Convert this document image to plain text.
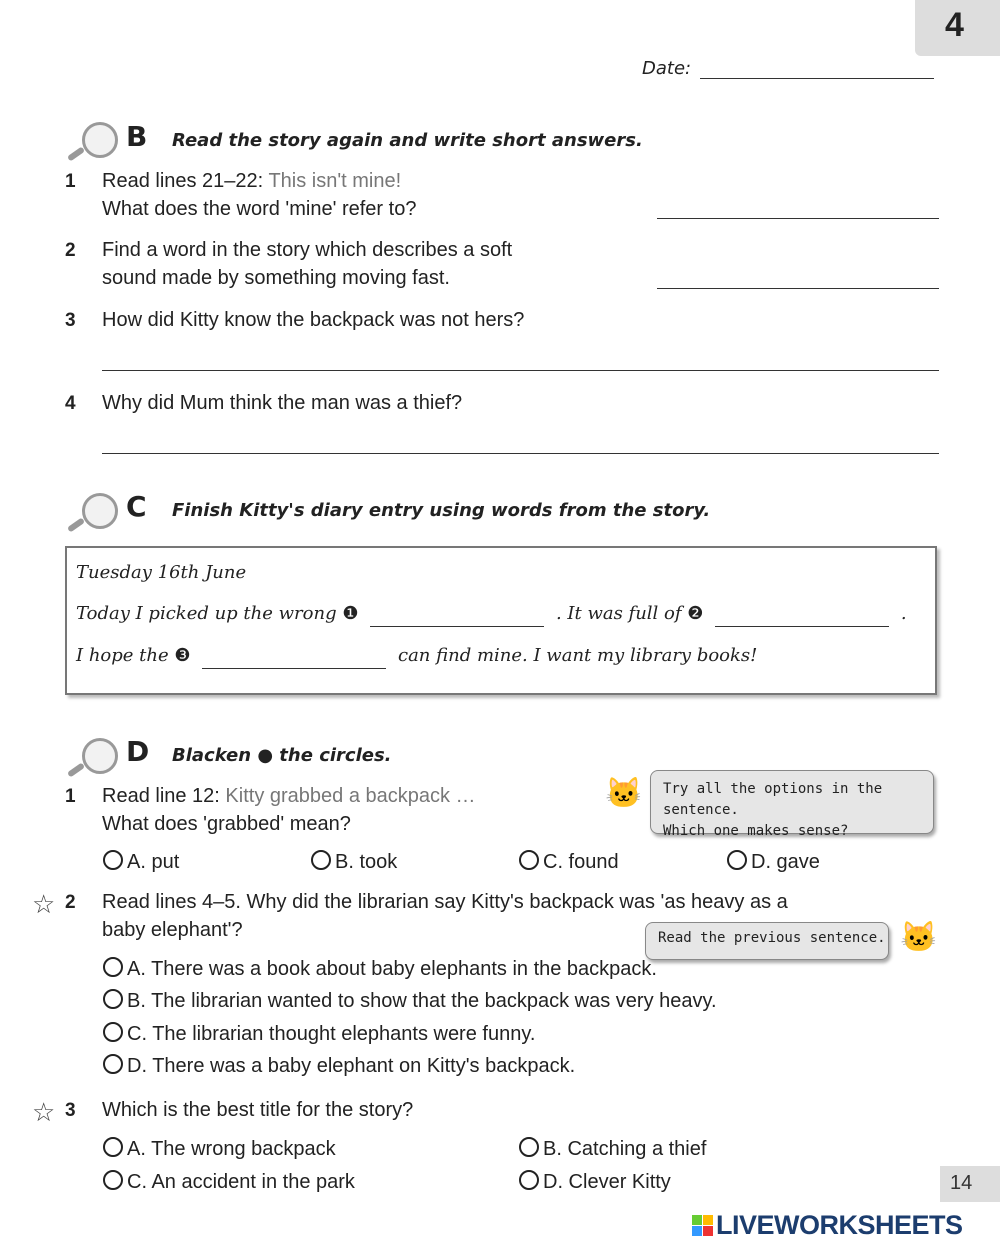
4
Date:
B Read the story again and write short answers.
1 Read lines 21–22: This isn't mine!
What does the word 'mine' refer to?
2 Find a word in the story which describes a soft
sound made by something moving fast.
3 How did Kitty know the backpack was not hers?
4 Why did Mum think the man was a thief?
C Finish Kitty's diary entry using words from the story.
Tuesday 16th June
Today I picked up the wrong ❶	. It was full of ❷	.
I hope the ❸	can find mine. I want my library books!
D Blacken ● the circles.
1 Read line 12: Kitty grabbed a backpack …
What does 'grabbed' mean?
🐱	Try all the options in the sentence.
Which one makes sense?
A. put	B. took	C. found	D. gave
☆ 2 Read lines 4–5. Why did the librarian say Kitty's backpack was 'as heavy as a
baby elephant'?	Read the previous sentence. 🐱
A. There was a book about baby elephants in the backpack.
B. The librarian wanted to show that the backpack was very heavy.
C. The librarian thought elephants were funny.
D. There was a baby elephant on Kitty's backpack.
☆ 3 Which is the best title for the story?
A. The wrong backpack	B. Catching a thief
C. An accident in the park	D. Clever Kitty	14
LIVEWORKSHEETS
